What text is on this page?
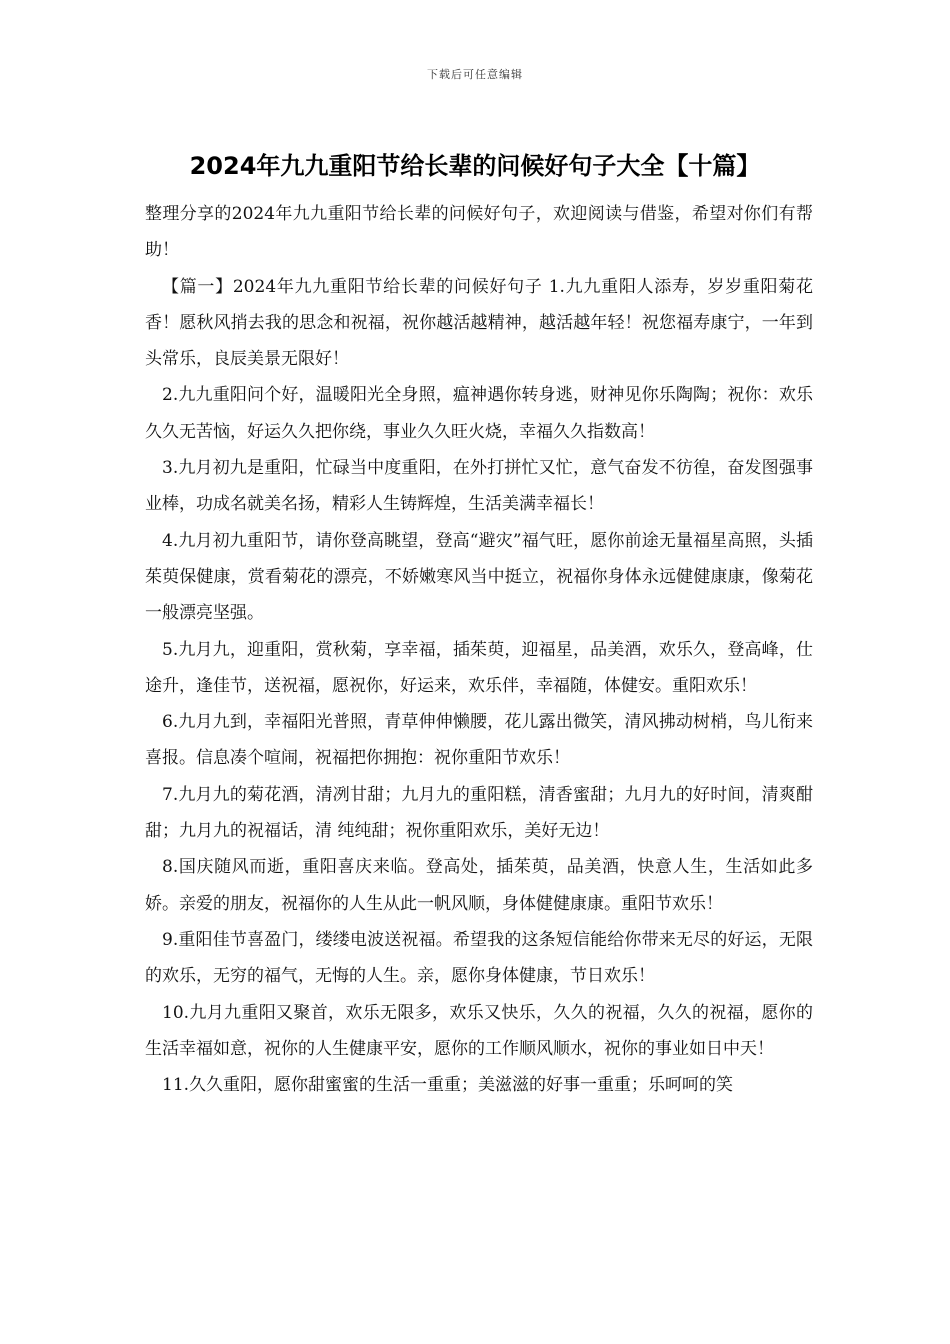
下载后可任意编辑
2024年九九重阳节给长辈的问候好句子大全【十篇】

整理分享的2024年九九重阳节给长辈的问候好句子，欢迎阅读与借鉴，希望对你们有帮助！

【篇一】2024年九九重阳节给长辈的问候好句子 1.九九重阳人添寿，岁岁重阳菊花香！愿秋风捎去我的思念和祝福，祝你越活越精神，越活越年轻！祝您福寿康宁，一年到头常乐，良辰美景无限好！

2.九九重阳问个好，温暖阳光全身照，瘟神遇你转身逃，财神见你乐陶陶；祝你：欢乐久久无苦恼，好运久久把你绕，事业久久旺火烧，幸福久久指数高！

3.九月初九是重阳，忙碌当中度重阳，在外打拼忙又忙，意气奋发不彷徨，奋发图强事业棒，功成名就美名扬，精彩人生铸辉煌，生活美满幸福长！

4.九月初九重阳节，请你登高眺望，登高“避灾”福气旺，愿你前途无量福星高照，头插茱萸保健康，赏看菊花的漂亮，不娇嫩寒风当中挺立，祝福你身体永远健健康康，像菊花一般漂亮坚强。

5.九月九，迎重阳，赏秋菊，享幸福，插茱萸，迎福星，品美酒，欢乐久，登高峰，仕途升，逢佳节，送祝福，愿祝你，好运来，欢乐伴，幸福随，体健安。重阳欢乐！

6.九月九到，幸福阳光普照，青草伸伸懒腰，花儿露出微笑，清风拂动树梢，鸟儿衔来喜报。信息凑个喧闹，祝福把你拥抱：祝你重阳节欢乐！

7.九月九的菊花酒，清冽甘甜；九月九的重阳糕，清香蜜甜；九月九的好时间，清爽酣甜；九月九的祝福话，清 纯纯甜；祝你重阳欢乐，美好无边！

8.国庆随风而逝，重阳喜庆来临。登高处，插茱萸，品美酒，快意人生，生活如此多娇。亲爱的朋友，祝福你的人生从此一帆风顺，身体健健康康。重阳节欢乐！

9.重阳佳节喜盈门，缕缕电波送祝福。希望我的这条短信能给你带来无尽的好运，无限的欢乐，无穷的福气，无悔的人生。亲，愿你身体健康，节日欢乐！

10.九月九重阳又聚首，欢乐无限多，欢乐又快乐，久久的祝福，久久的祝福，愿你的生活幸福如意，祝你的人生健康平安，愿你的工作顺风顺水，祝你的事业如日中天！

11.久久重阳，愿你甜蜜蜜的生活一重重；美滋滋的好事一重重；乐呵呵的笑
